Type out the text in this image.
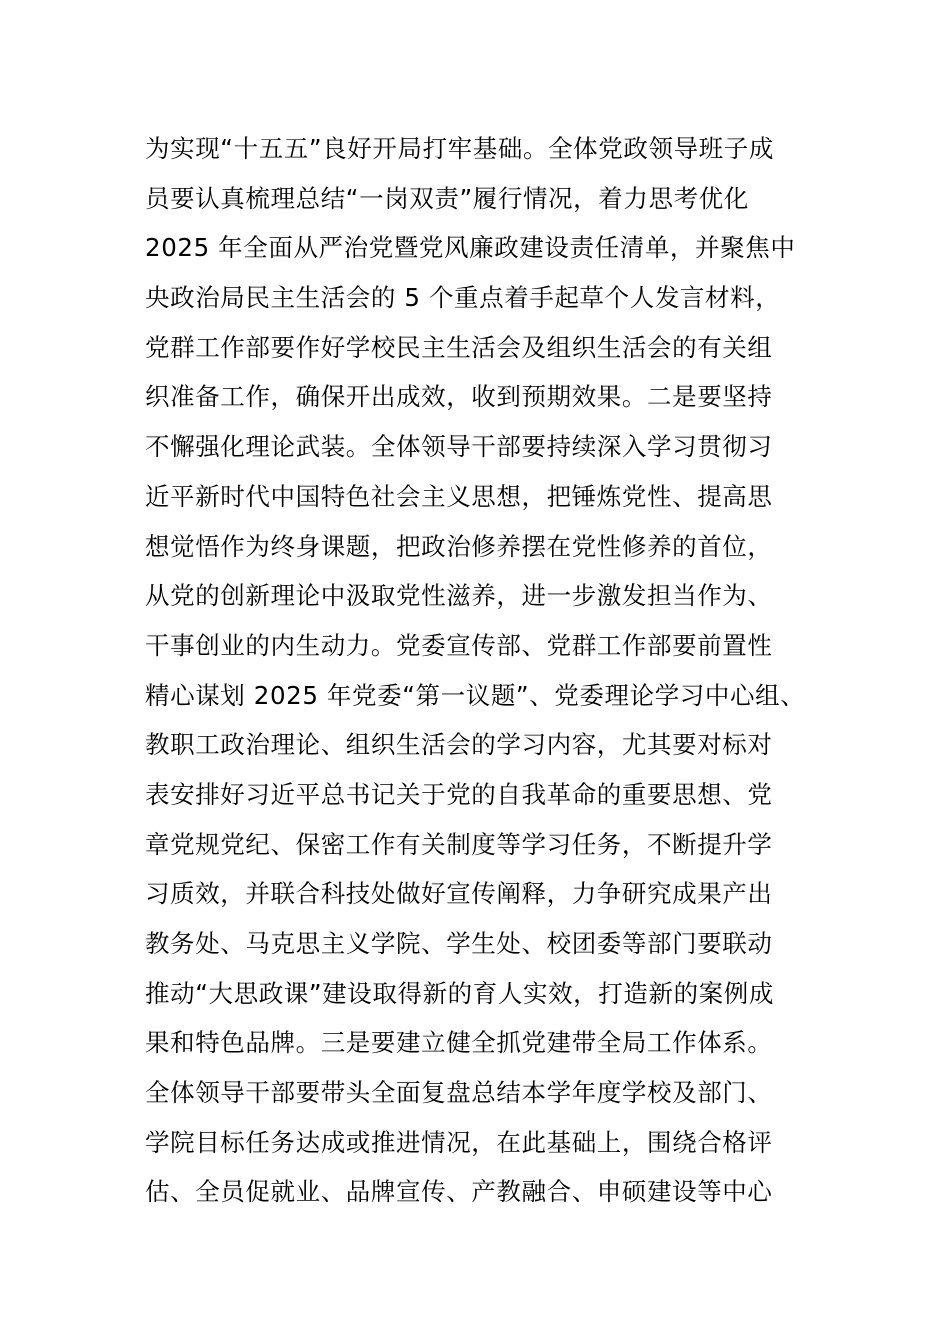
为实现“十五五”良好开局打牢基础。全体党政领导班子成
员要认真梳理总结“一岗双责”履行情况，着力思考优化
2025 年全面从严治党暨党风廉政建设责任清单，并聚焦中
央政治局民主生活会的 5 个重点着手起草个人发言材料，
党群工作部要作好学校民主生活会及组织生活会的有关组
织准备工作，确保开出成效，收到预期效果。二是要坚持
不懈强化理论武装。全体领导干部要持续深入学习贯彻习
近平新时代中国特色社会主义思想，把锤炼党性、提高思
想觉悟作为终身课题，把政治修养摆在党性修养的首位，
从党的创新理论中汲取党性滋养，进一步激发担当作为、
干事创业的内生动力。党委宣传部、党群工作部要前置性
精心谋划 2025 年党委“第一议题”、党委理论学习中心组、
教职工政治理论、组织生活会的学习内容，尤其要对标对
表安排好习近平总书记关于党的自我革命的重要思想、党
章党规党纪、保密工作有关制度等学习任务，不断提升学
习质效，并联合科技处做好宣传阐释，力争研究成果产出
教务处、马克思主义学院、学生处、校团委等部门要联动
推动“大思政课”建设取得新的育人实效，打造新的案例成
果和特色品牌。三是要建立健全抓党建带全局工作体系。
全体领导干部要带头全面复盘总结本学年度学校及部门、
学院目标任务达成或推进情况，在此基础上，围绕合格评
估、全员促就业、品牌宣传、产教融合、申硕建设等中心
